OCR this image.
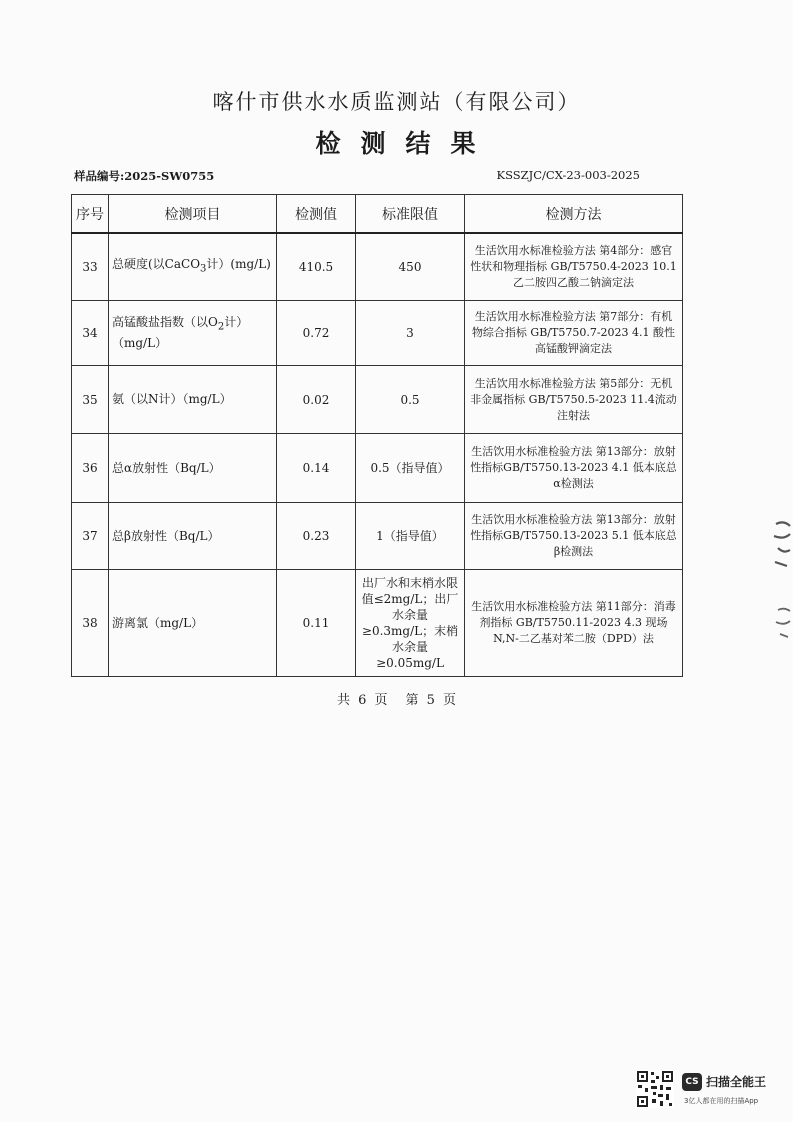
喀什市供水水质监测站（有限公司）
检测结果
样品编号:2025-SW0755	KSSZJC/CX-23-003-2025
序号	检测项目	检测值	标准限值	检测方法
33	总硬度(以CaCO$_3$计）(mg/L)	410.5	450	生活饮用水标准检验方法 第4部分：感官性状和物理指标 GB/T5750.4-2023 10.1 乙二胺四乙酸二钠滴定法
34	高锰酸盐指数（以$O_2$计）（mg/L）	0.72	3	生活饮用水标准检验方法 第7部分：有机物综合指标 GB/T5750.7-2023 4.1 酸性高锰酸钾滴定法
35	氨（以N计）（mg/L）	0.02	0.5	生活饮用水标准检验方法 第5部分：无机非金属指标 GB/T5750.5-2023 11.4流动注射法
36	总α放射性（Bq/L）	0.14	0.5（指导值）	生活饮用水标准检验方法 第13部分：放射性指标GB/T5750.13-2023 4.1 低本底总α检测法
37	总β放射性（Bq/L）	0.23	1（指导值）	生活饮用水标准检验方法 第13部分：放射性指标GB/T5750.13-2023 5.1 低本底总β检测法
38	游离氯（mg/L）	0.11	出厂水和末梢水限值≤2mg/L；出厂水余量≥0.3mg/L；末梢水余量≥0.05mg/L	生活饮用水标准检验方法 第11部分：消毒剂指标 GB/T5750.11-2023 4.3 现场N,N-二乙基对苯二胺（DPD）法
共 6 页 第 5 页
CS 扫描全能王
3亿人都在用的扫描App
